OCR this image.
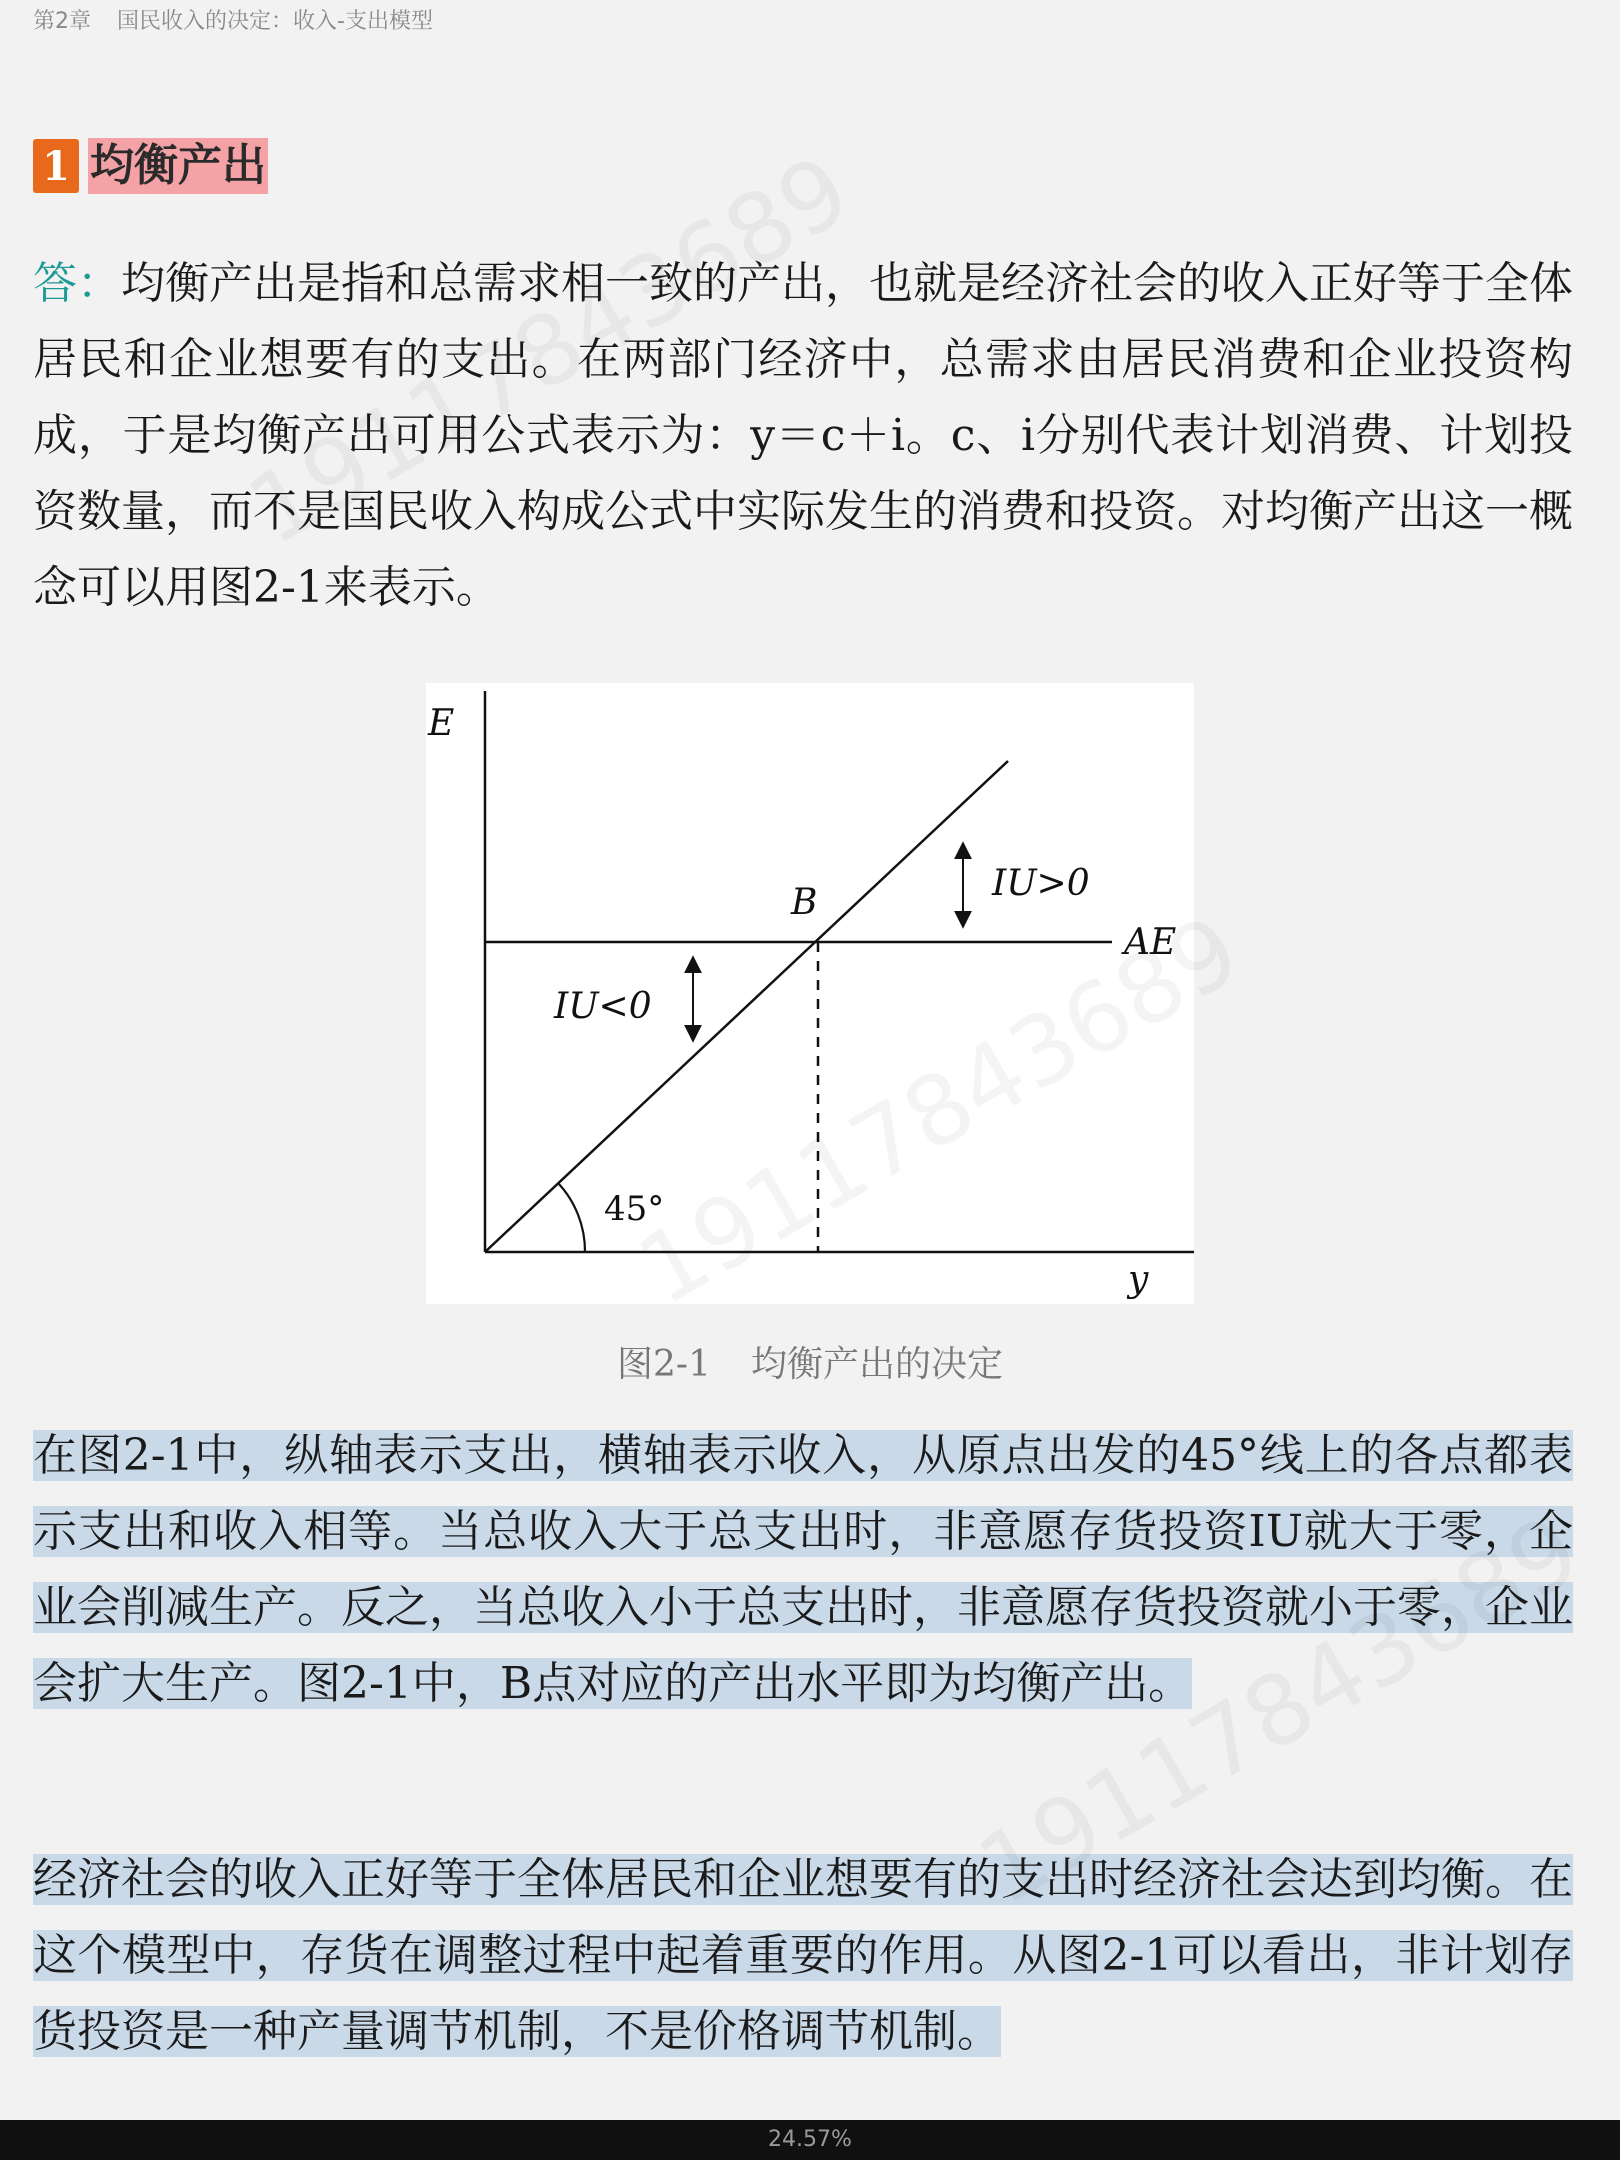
第2章 国民收入的决定：收入-支出模型
1 均衡产出

答：均衡产出是指和总需求相一致的产出，也就是经济社会的收入正好等于全体居民和企业想要有的支出。在两部门经济中，总需求由居民消费和企业投资构成，于是均衡产出可用公式表示为：y＝c＋i。c、i分别代表计划消费、计划投资数量，而不是国民收入构成公式中实际发生的消费和投资。对均衡产出这一概念可以用图2-1来表示。

E
y
B
AE
IU>0
IU<0
45°
图2-1 均衡产出的决定

在图2-1中，纵轴表示支出，横轴表示收入，从原点出发的45°线上的各点都表示支出和收入相等。当总收入大于总支出时，非意愿存货投资IU就大于零，企业会削减生产。反之，当总收入小于总支出时，非意愿存货投资就小于零，企业会扩大生产。图2-1中，B点对应的产出水平即为均衡产出。

经济社会的收入正好等于全体居民和企业想要有的支出时经济社会达到均衡。在这个模型中，存货在调整过程中起着重要的作用。从图2-1可以看出，非计划存货投资是一种产量调节机制，不是价格调节机制。

24.57%
